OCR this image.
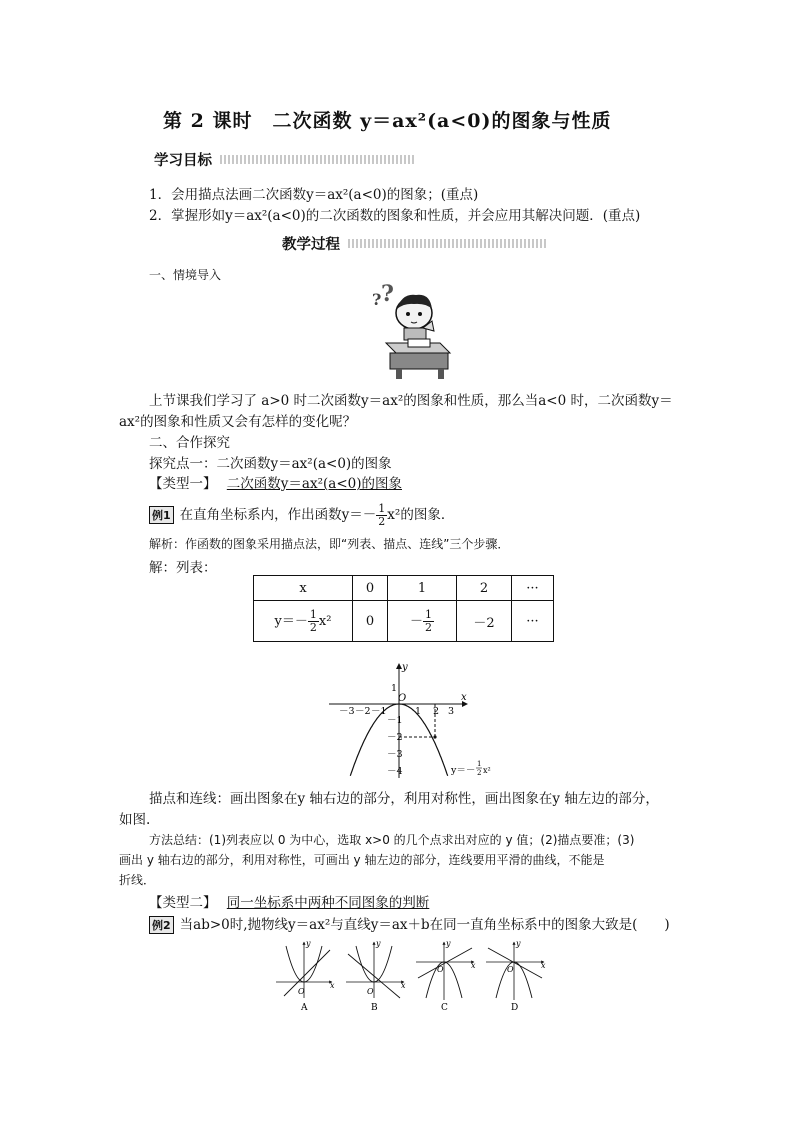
第 2 课时　二次函数 y＝ax²(a<0)的图象与性质
学习目标
1．会用描点法画二次函数y＝ax²(a<0)的图象；(重点)
2．掌握形如y＝ax²(a<0)的二次函数的图象和性质，并会应用其解决问题．(重点)
教学过程
一、情境导入
? ?
上节课我们学习了 a>0 时二次函数y＝ax²的图象和性质，那么当a<0 时，二次函数y＝
ax²的图象和性质又会有怎样的变化呢？
二、合作探究
探究点一：二次函数y＝ax²(a<0)的图象
【类型一】 二次函数y＝ax²(a<0)的图象
例1 在直角坐标系内，作出函数$y=- \frac{1}{2} x^2$的图象．
解析：作函数的图象采用描点法，即“列表、描点、连线”三个步骤．
解：列表：
x	0	1	2	···
$y=- \frac{1}{2} x^2$	0	－ $\frac{1}{2}$	－2	···
y
x
O
－3 －2 －1	1 2 3
1
－1
－2
－3
－4	y＝－
1
2 x²
描点和连线：画出图象在y 轴右边的部分，利用对称性，画出图象在y 轴左边的部分，
如图.
方法总结：(1)列表应以 0 为中心，选取 x>0 的几个点求出对应的 y 值；(2)描点要准；(3)
画出 y 轴右边的部分，利用对称性，可画出 y 轴左边的部分，连线要用平滑的曲线，不能是
折线．
【类型二】 同一坐标系中两种不同图象的判断
例2 当ab>0时,抛物线y＝ax²与直线y＝ax＋b在同一直角坐标系中的图象大致是(　　)
O
x
y
A
O
x
y
B
O	x
y
C
O	x
y
D
